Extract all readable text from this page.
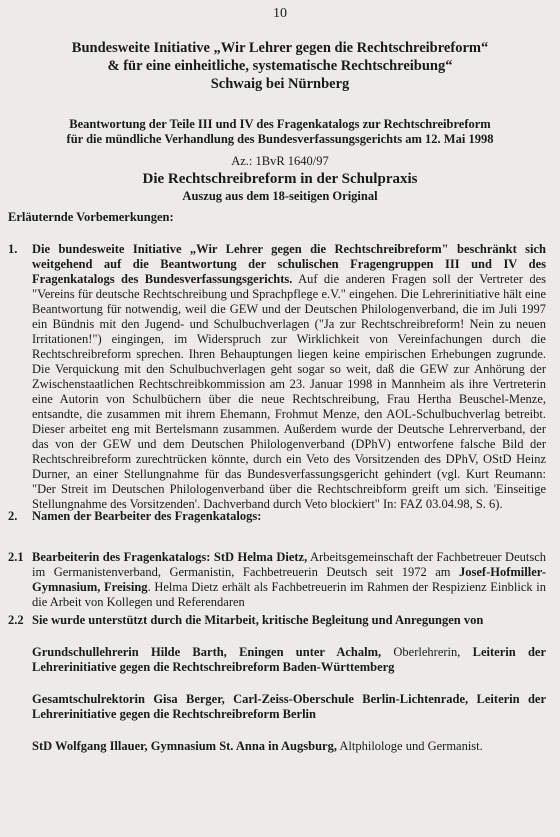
10
Bundesweite Initiative „Wir Lehrer gegen die Rechtschreibreform“
& für eine einheitliche, systematische Rechtschreibung“
Schwaig bei Nürnberg
Beantwortung der Teile III und IV des Fragenkatalogs zur Rechtschreibreform
für die mündliche Verhandlung des Bundesverfassungsgerichts am 12. Mai 1998
Az.: 1BvR 1640/97
Die Rechtschreibreform in der Schulpraxis
Auszug aus dem 18-seitigen Original
Erläuternde Vorbemerkungen:
1. Die bundesweite Initiative „Wir Lehrer gegen die Rechtschreibreform" beschränkt sich weitgehend auf die Beantwortung der schulischen Fragengruppen III und IV des Fragenkatalogs des Bundesverfassungsgerichts. Auf die anderen Fragen soll der Vertreter des "Vereins für deutsche Rechtschreibung und Sprachpflege e.V." eingehen. Die Lehrerinitiative hält eine Beantwortung für notwendig, weil die GEW und der Deutschen Philologenverband, die im Juli 1997 ein Bündnis mit den Jugend- und Schulbuchverlagen ("Ja zur Rechtschreibreform! Nein zu neuen Irritationen!") eingingen, im Widerspruch zur Wirklichkeit von Vereinfachungen durch die Rechtschreibreform sprechen. Ihren Behauptungen liegen keine empirischen Erhebungen zugrunde. Die Verquickung mit den Schulbuchverlagen geht sogar so weit, daß die GEW zur Anhörung der Zwischenstaatlichen Rechtschreibkommission am 23. Januar 1998 in Mannheim als ihre Vertreterin eine Autorin von Schulbüchern über die neue Rechtschreibung, Frau Hertha Beuschel-Menze, entsandte, die zusammen mit ihrem Ehemann, Frohmut Menze, den AOL-Schulbuchverlag betreibt. Dieser arbeitet eng mit Bertelsmann zusammen. Außerdem wurde der Deutsche Lehrerverband, der das von der GEW und dem Deutschen Philologenverband (DPhV) entworfene falsche Bild der Rechtschreibreform zurechtrücken könnte, durch ein Veto des Vorsitzenden des DPhV, OStD Heinz Durner, an einer Stellungnahme für das Bundesverfassungsgericht gehindert (vgl. Kurt Reumann: "Der Streit im Deutschen Philologenverband über die Rechtschreibform greift um sich. 'Einseitige Stellungnahme des Vorsitzenden'. Dachverband durch Veto blockiert" In: FAZ 03.04.98, S. 6).
2. Namen der Bearbeiter des Fragenkatalogs:
2.1 Bearbeiterin des Fragenkatalogs: StD Helma Dietz, Arbeitsgemeinschaft der Fachbetreuer Deutsch im Germanistenverband, Germanistin, Fachbetreuerin Deutsch seit 1972 am Josef-Hofmiller-Gymnasium, Freising. Helma Dietz erhält als Fachbetreuerin im Rahmen der Respizienz Einblick in die Arbeit von Kollegen und Referendaren
2.2 Sie wurde unterstützt durch die Mitarbeit, kritische Begleitung und Anregungen von
Grundschullehrerin Hilde Barth, Eningen unter Achalm, Oberlehrerin, Leiterin der Lehrerinitiative gegen die Rechtschreibreform Baden-Württemberg
Gesamtschulrektorin Gisa Berger, Carl-Zeiss-Oberschule Berlin-Lichtenrade, Leiterin der Lehrerinitiative gegen die Rechtschreibreform Berlin
StD Wolfgang Illauer, Gymnasium St. Anna in Augsburg, Altphilologe und Germanist.
